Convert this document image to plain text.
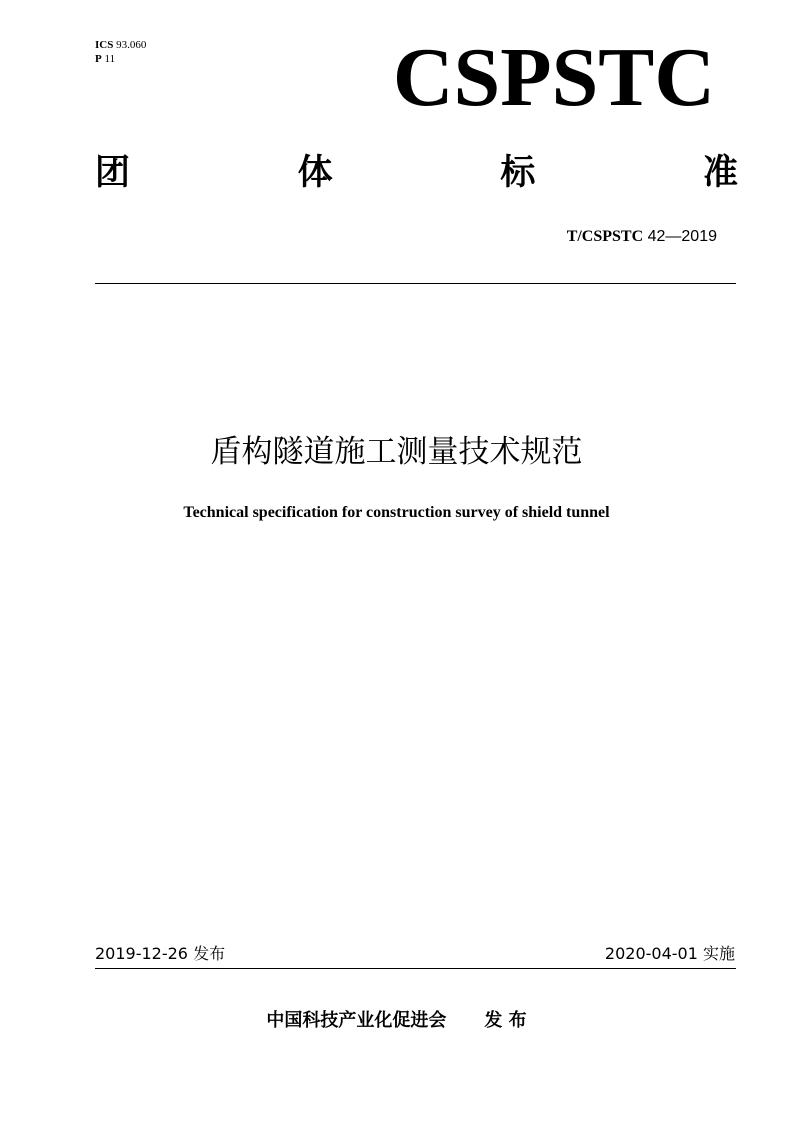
ICS 93.060
P 11	CSPSTC
团	体	标	准
T/CSPSTC 42—2019
盾构隧道施工测量技术规范
Technical specification for construction survey of shield tunnel
2019-12-26 发布	2020-04-01 实施
中国科技产业化促进会 发 布
